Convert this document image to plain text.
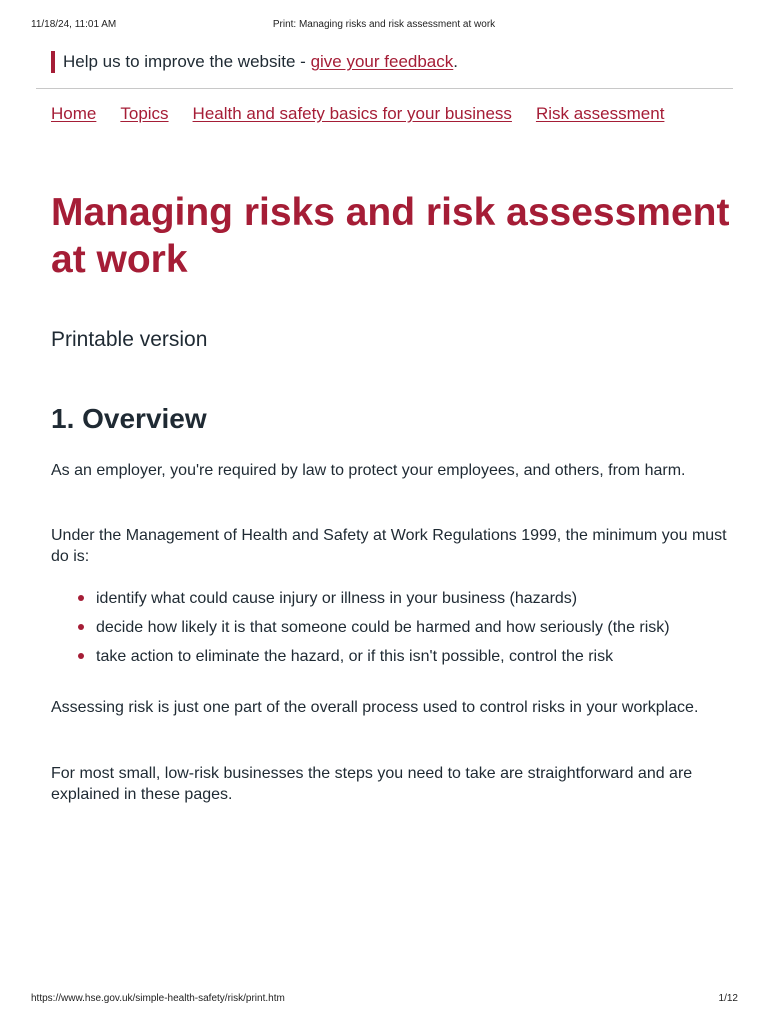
11/18/24, 11:01 AM	Print: Managing risks and risk assessment at work
Help us to improve the website - give your feedback.
Home Topics Health and safety basics for your business Risk assessment
Managing risks and risk assessment at work

Printable version

1. Overview

As an employer, you're required by law to protect your employees, and others, from harm.

Under the Management of Health and Safety at Work Regulations 1999, the minimum you must do is:

identify what could cause injury or illness in your business (hazards)
decide how likely it is that someone could be harmed and how seriously (the risk)
take action to eliminate the hazard, or if this isn't possible, control the risk

Assessing risk is just one part of the overall process used to control risks in your workplace.

For most small, low-risk businesses the steps you need to take are straightforward and are explained in these pages.

https://www.hse.gov.uk/simple-health-safety/risk/print.htm	1/12
